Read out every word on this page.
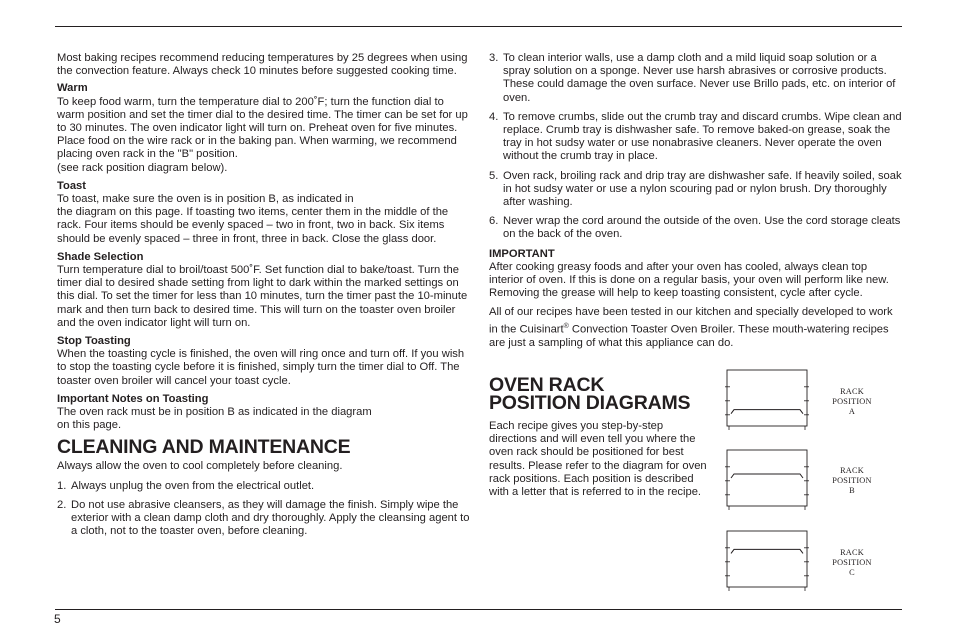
Most baking recipes recommend reducing temperatures by 25 degrees when using the convection feature. Always check 10 minutes before suggested cooking time.

Warm

To keep food warm, turn the temperature dial to 200˚F; turn the function dial to warm position and set the timer dial to the desired time. The timer can be set for up to 30 minutes. The oven indicator light will turn on. Preheat oven for five minutes. Place food on the wire rack or in the baking pan. When warming, we recommend placing oven rack in the "B" position.

(see rack position diagram below).

Toast

To toast, make sure the oven is in position B, as indicated in

the diagram on this page. If toasting two items, center them in the middle of the rack. Four items should be evenly spaced – two in front, two in back. Six items should be evenly spaced – three in front, three in back. Close the glass door.

Shade Selection

Turn temperature dial to broil/toast 500˚F. Set function dial to bake/toast. Turn the timer dial to desired shade setting from light to dark within the marked settings on this dial. To set the timer for less than 10 minutes, turn the timer past the 10-minute mark and then turn back to desired time. This will turn on the toaster oven broiler and the oven indicator light will turn on.

Stop Toasting

When the toasting cycle is finished, the oven will ring once and turn off. If you wish to stop the toasting cycle before it is finished, simply turn the timer dial to Off. The toaster oven broiler will cancel your toast cycle.

Important Notes on Toasting

The oven rack must be in position B as indicated in the diagram

on this page.

CLEANING AND MAINTENANCE

Always allow the oven to cool completely before cleaning.

1. Always unplug the oven from the electrical outlet.
2. Do not use abrasive cleansers, as they will damage the finish. Simply wipe the exterior with a clean damp cloth and dry thoroughly. Apply the cleansing agent to a cloth, not to the toaster oven, before cleaning.
3. To clean interior walls, use a damp cloth and a mild liquid soap solution or a spray solution on a sponge. Never use harsh abrasives or corrosive products. These could damage the oven surface. Never use Brillo pads, etc. on interior of oven.
4. To remove crumbs, slide out the crumb tray and discard crumbs. Wipe clean and replace. Crumb tray is dishwasher safe. To remove baked-on grease, soak the tray in hot sudsy water or use nonabrasive cleaners. Never operate the oven without the crumb tray in place.
5. Oven rack, broiling rack and drip tray are dishwasher safe. If heavily soiled, soak in hot sudsy water or use a nylon scouring pad or nylon brush. Dry thoroughly after washing.
6. Never wrap the cord around the outside of the oven. Use the cord storage cleats on the back of the oven.

IMPORTANT

After cooking greasy foods and after your oven has cooled, always clean top interior of oven. If this is done on a regular basis, your oven will perform like new. Removing the grease will help to keep toasting consistent, cycle after cycle.

All of our recipes have been tested in our kitchen and specially developed to work in the Cuisinart® Convection Toaster Oven Broiler. These mouth-watering recipes are just a sampling of what this appliance can do.

OVEN RACK

POSITION DIAGRAMS

Each recipe gives you step-by-step directions and will even tell you where the oven rack should be positioned for best results. Please refer to the diagram for oven rack positions. Each position is described with a letter that is referred to in the recipe.

RACK
POSITION
A
RACK
POSITION
B
RACK
POSITION
C
5
